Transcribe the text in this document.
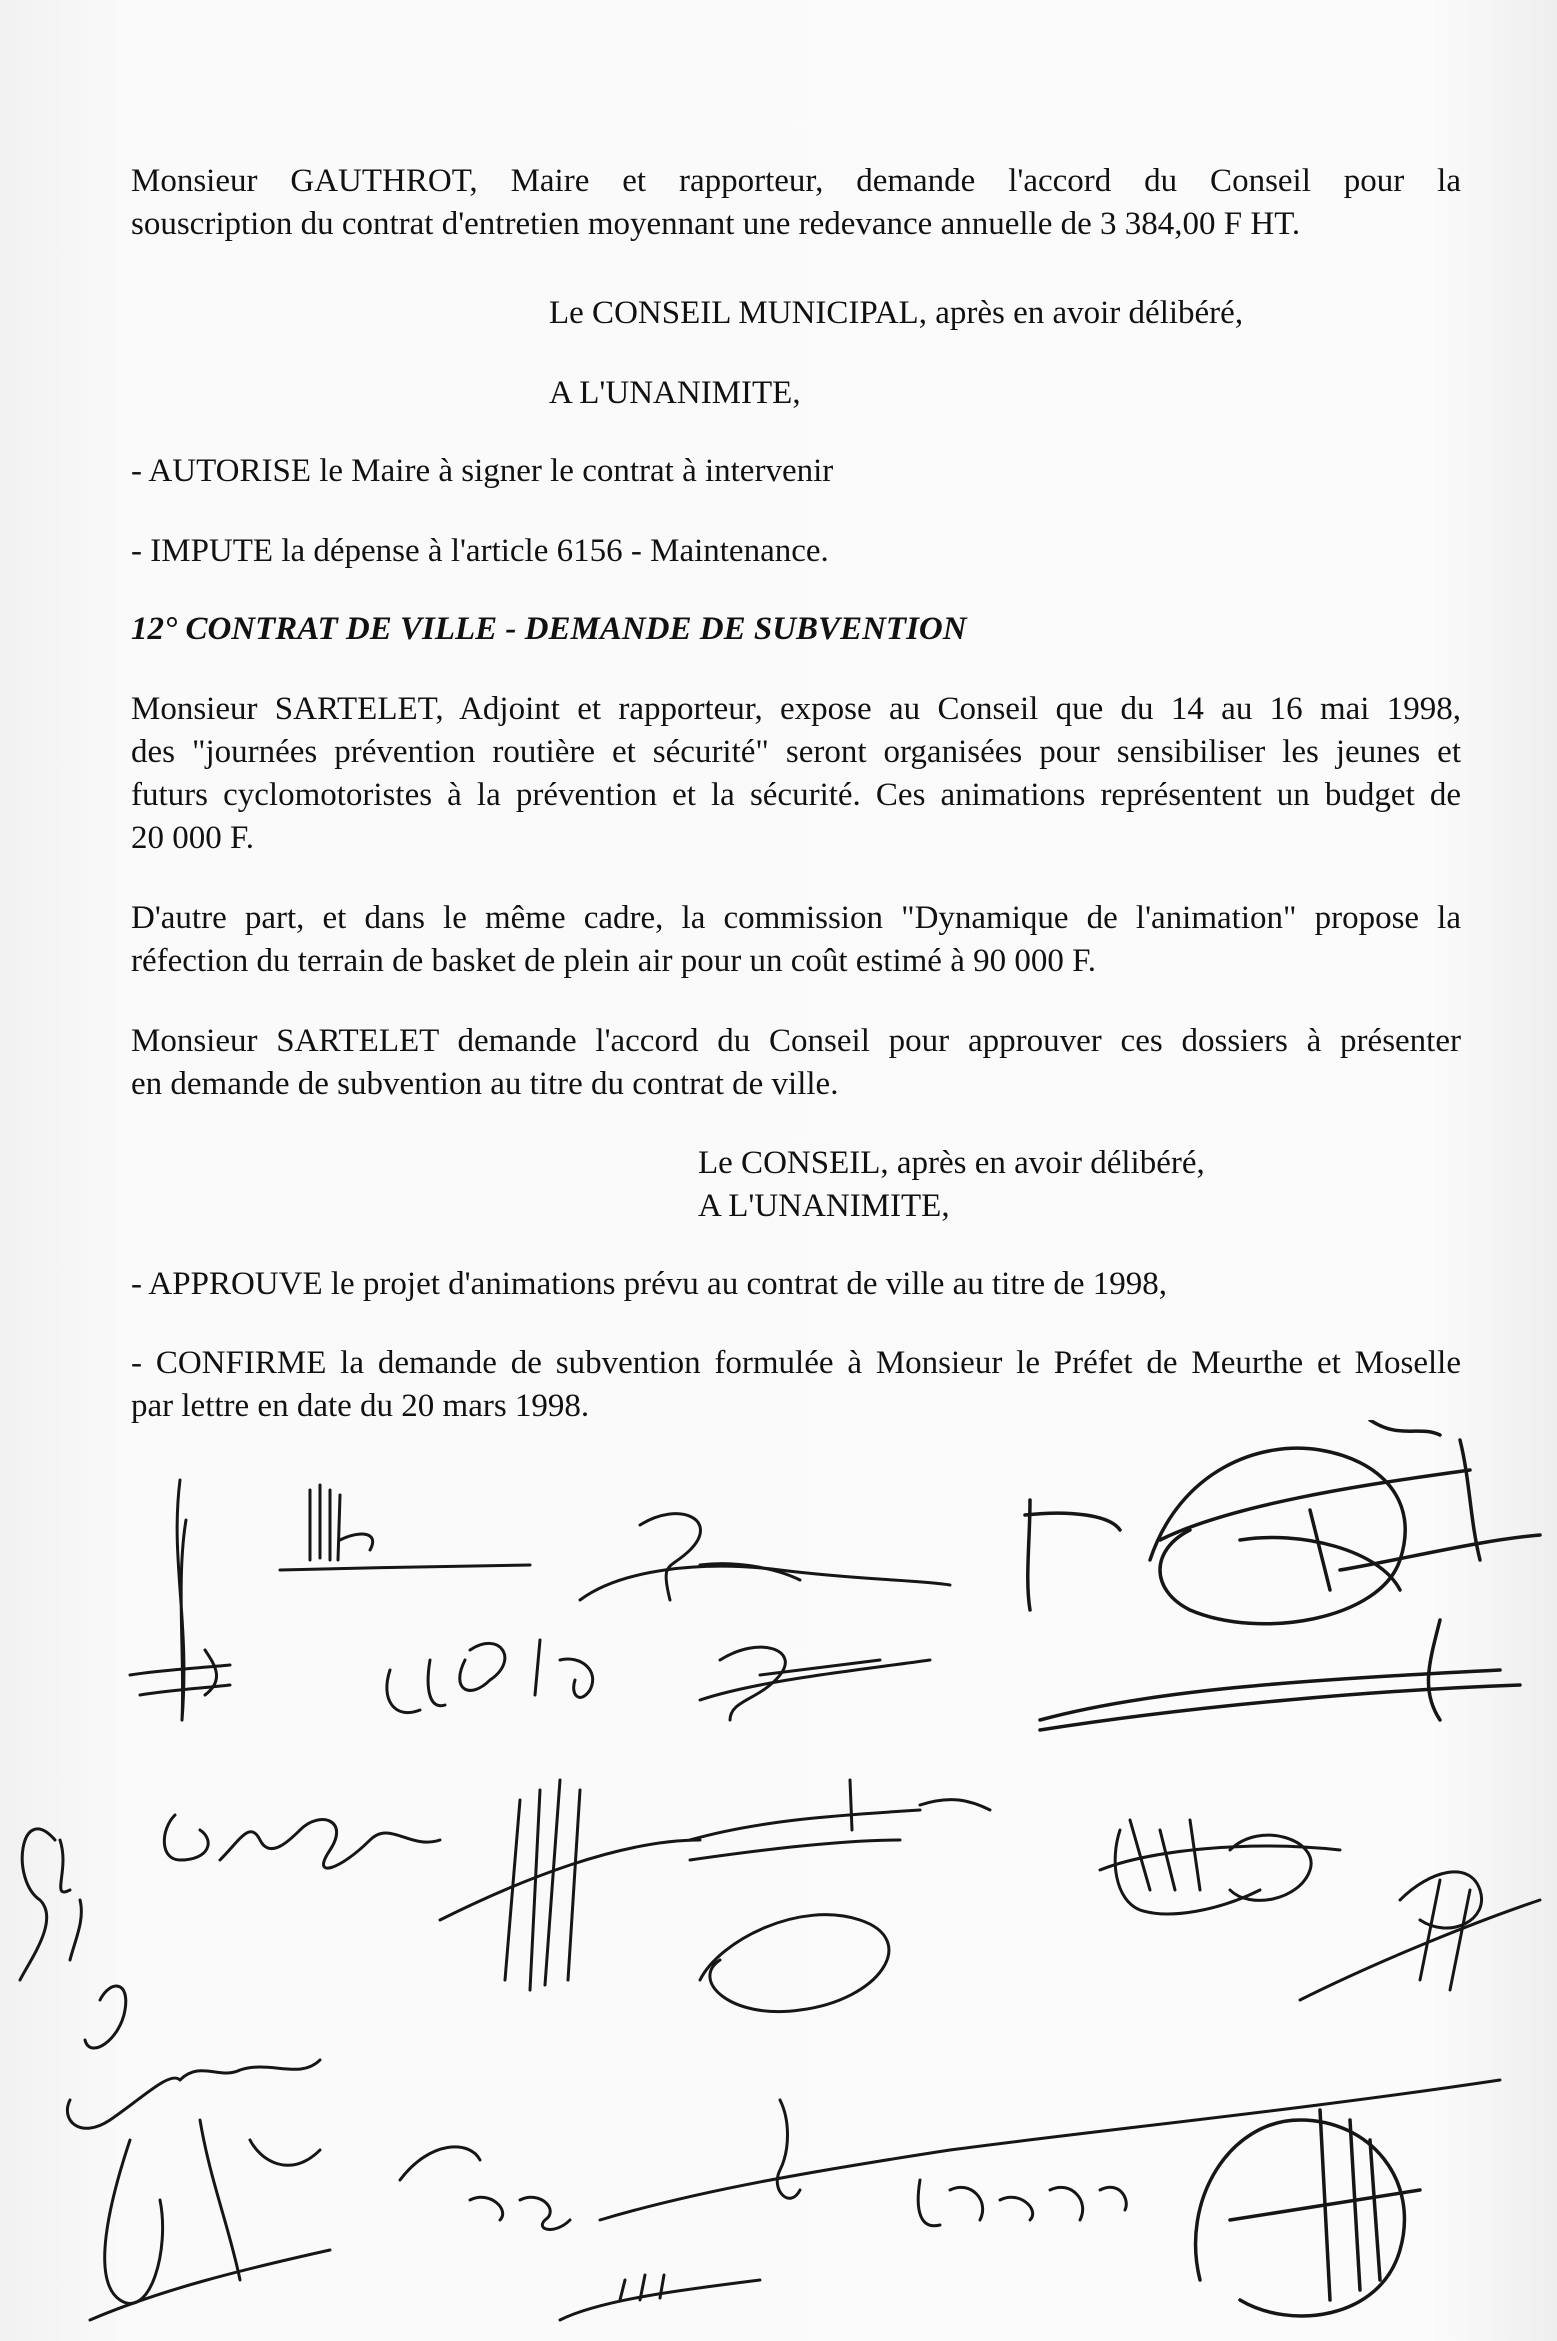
Monsieur GAUTHROT, Maire et rapporteur, demande l'accord du Conseil pour la
souscription du contrat d'entretien moyennant une redevance annuelle de 3 384,00 F HT.
Le CONSEIL MUNICIPAL, après en avoir délibéré,
A L'UNANIMITE,
- AUTORISE le Maire à signer le contrat à intervenir
- IMPUTE la dépense à l'article 6156 - Maintenance.
12° CONTRAT DE VILLE - DEMANDE DE SUBVENTION
Monsieur SARTELET, Adjoint et rapporteur, expose au Conseil que du 14 au 16 mai 1998,
des "journées prévention routière et sécurité" seront organisées pour sensibiliser les jeunes et
futurs cyclomotoristes à la prévention et la sécurité. Ces animations représentent un budget de
20 000 F.
D'autre part, et dans le même cadre, la commission "Dynamique de l'animation" propose la
réfection du terrain de basket de plein air pour un coût estimé à 90 000 F.
Monsieur SARTELET demande l'accord du Conseil pour approuver ces dossiers à présenter
en demande de subvention au titre du contrat de ville.
Le CONSEIL, après en avoir délibéré,
A L'UNANIMITE,
- APPROUVE le projet d'animations prévu au contrat de ville au titre de 1998,
- CONFIRME la demande de subvention formulée à Monsieur le Préfet de Meurthe et Moselle
par lettre en date du 20 mars 1998.
